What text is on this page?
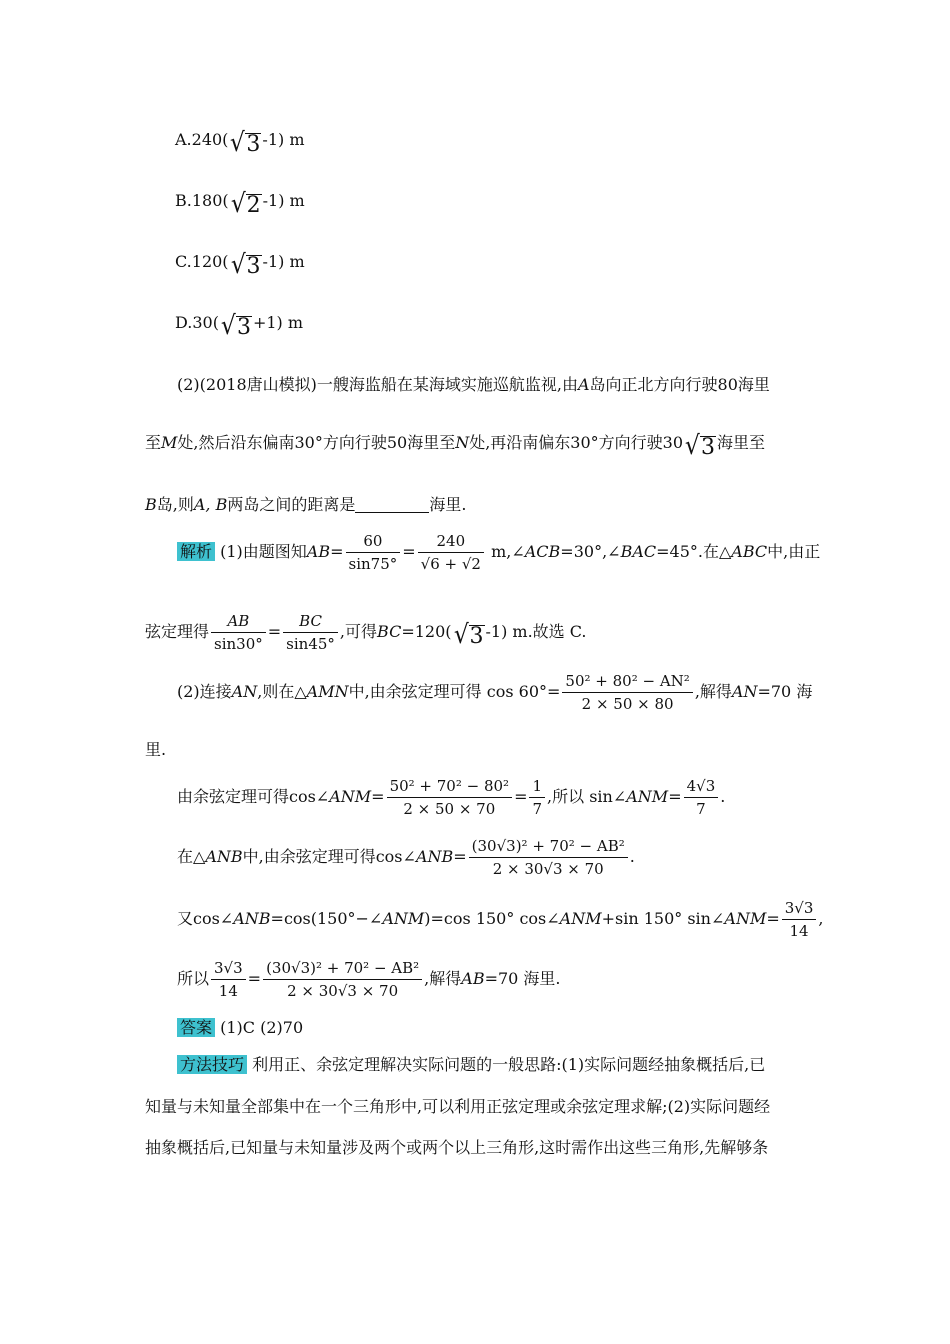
A.240( √ 3 -1) m
B.180( √ 2 -1) m
C.120( √ 3 -1) m
D.30( √ 3 +1) m
(2)(2018唐山模拟)一艘海监船在某海域实施巡航监视,由A岛向正北方向行驶80海里
至M处,然后沿东偏南30°方向行驶50海里至N处,再沿南偏东30°方向行驶30 √ 3 海里至
B岛,则A, B两岛之间的距离是	海里.
解析 (1)由题图知$AB= \frac{60}{\sin 75^\circ} = \frac{240}{√6 + √2}$ m,∠ACB=30°,∠BAC=45°.在△ABC中,由正
弦定理得 $\frac{AB}{\sin 30^\circ} = \frac{BC}{\sin 45^\circ}$ ,可得BC=120( √ 3 -1) m.故选 C.
(2)连接AN,则在△AMN中,由余弦定理可得 $\cos 60^\circ= \frac{\text{50² + 80² − AN²}}{2 \times 50 \times 80}$ ,解得AN=70 海
里.
由余弦定理可得cos∠ANM= $\frac{\text{50² + 70² − 80²}}{2 \times 50 \times 70} = \frac{1}{7}$ ,所以 sin∠ANM= $\frac{4√3}{7}$ .
在△ANB中,由余弦定理可得cos∠ANB= $\frac{\text{(30√3)² + 70² − AB²}}{2 \times 30√3 \times 70}$ .
又cos∠ANB=cos(150°−∠ANM)=cos 150° cos∠ANM+sin 150° sin∠ANM= $\frac{3√3}{14}$ ,
所以 $\frac{3√3}{14} = \frac{\text{(30√3)² + 70² − AB²}}{2 \times 30√3 \times 70}$ ,解得AB=70 海里.
答案 (1)C (2)70
方法技巧 利用正、余弦定理解决实际问题的一般思路:(1)实际问题经抽象概括后,已
知量与未知量全部集中在一个三角形中,可以利用正弦定理或余弦定理求解;(2)实际问题经
抽象概括后,已知量与未知量涉及两个或两个以上三角形,这时需作出这些三角形,先解够条
